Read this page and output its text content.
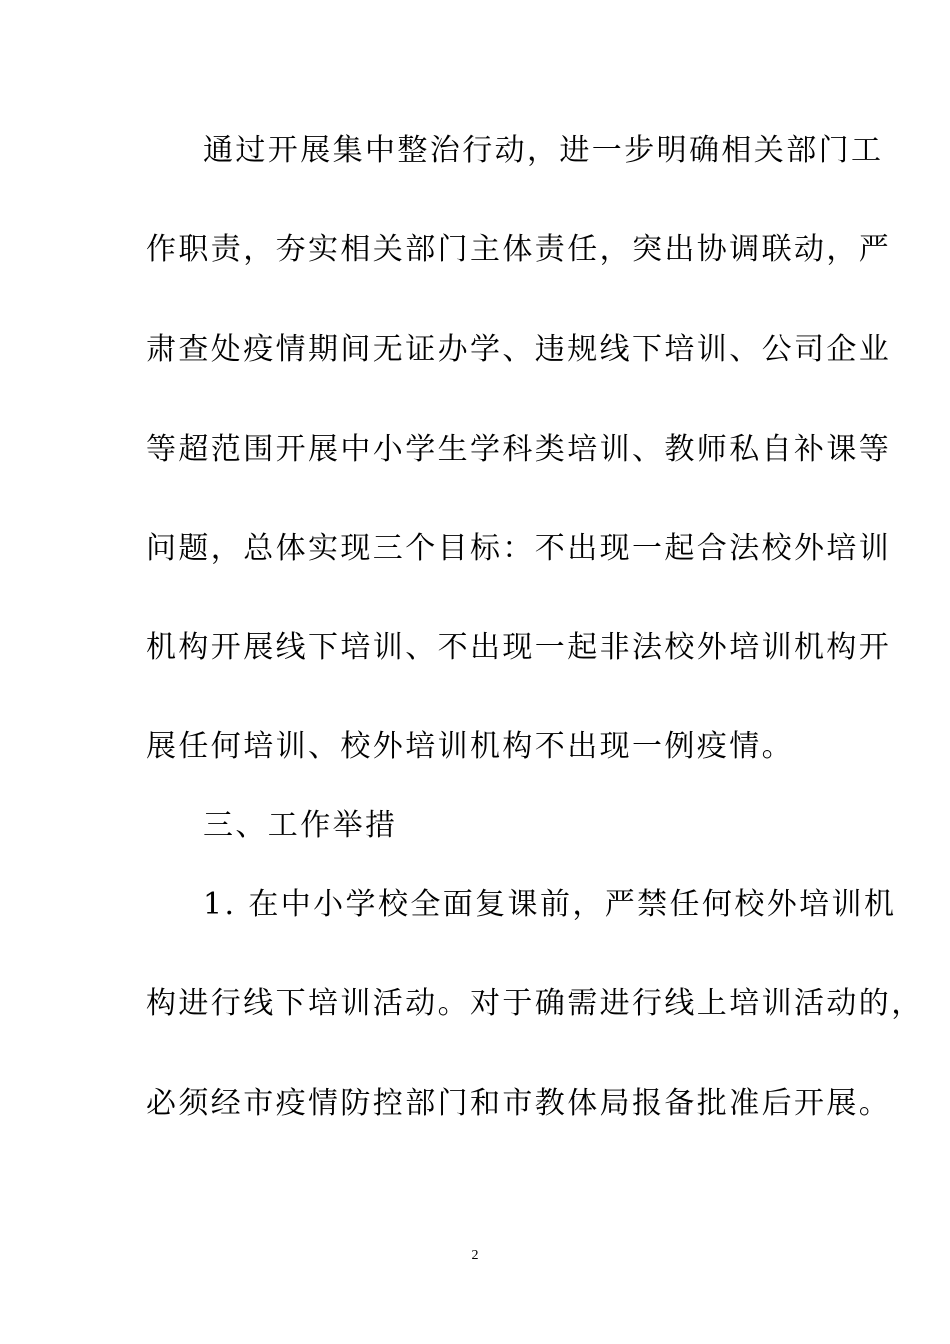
通过开展集中整治行动，进一步明确相关部门工
作职责，夯实相关部门主体责任，突出协调联动，严
肃查处疫情期间无证办学、违规线下培训、公司企业
等超范围开展中小学生学科类培训、教师私自补课等
问题，总体实现三个目标：不出现一起合法校外培训
机构开展线下培训、不出现一起非法校外培训机构开
展任何培训、校外培训机构不出现一例疫情。
三、工作举措
1. 在中小学校全面复课前，严禁任何校外培训机
构进行线下培训活动。对于确需进行线上培训活动的，
必须经市疫情防控部门和市教体局报备批准后开展。
2
